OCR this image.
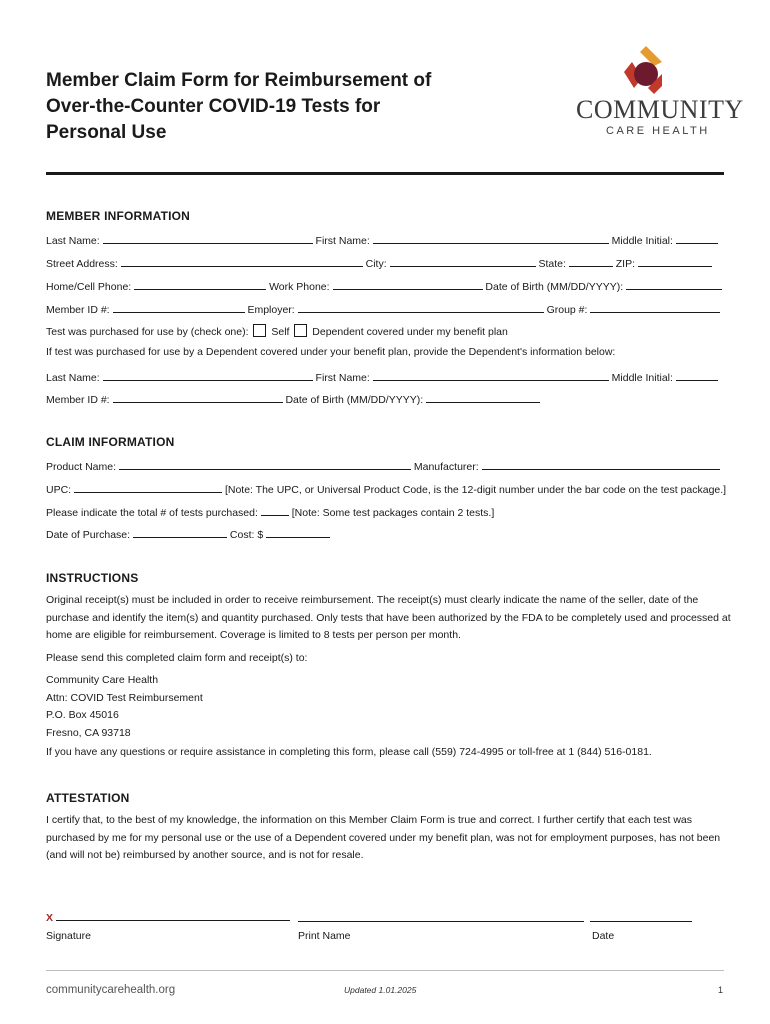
Member Claim Form for Reimbursement of
Over-the-Counter COVID-19 Tests for
Personal Use
COMMUNITY
CARE HEALTH
MEMBER INFORMATION
Last Name:	First Name:	Middle Initial:
Street Address:	City:	State:	ZIP:
Home/Cell Phone:	Work Phone:	Date of Birth (MM/DD/YYYY):
Member ID #:	Employer:	Group #:
Test was purchased for use by (check one): Self Dependent covered under my benefit plan
If test was purchased for use by a Dependent covered under your benefit plan, provide the Dependent's information below:
Last Name:	First Name:	Middle Initial:
Member ID #:	Date of Birth (MM/DD/YYYY):
CLAIM INFORMATION
Product Name:	Manufacturer:
UPC:	[Note: The UPC, or Universal Product Code, is the 12-digit number under the bar code on the test package.]
Please indicate the total # of tests purchased:	[Note: Some test packages contain 2 tests.]
Date of Purchase:	Cost: $
INSTRUCTIONS
Original receipt(s) must be included in order to receive reimbursement. The receipt(s) must clearly indicate the name of the seller, date of the
purchase and identify the item(s) and quantity purchased. Only tests that have been authorized by the FDA to be completely used and processed at
home are eligible for reimbursement. Coverage is limited to 8 tests per person per month.
Please send this completed claim form and receipt(s) to:
Community Care Health
Attn: COVID Test Reimbursement
P.O. Box 45016
Fresno, CA 93718
If you have any questions or require assistance in completing this form, please call (559) 724-4995 or toll-free at 1 (844) 516-0181.
ATTESTATION
I certify that, to the best of my knowledge, the information on this Member Claim Form is true and correct. I further certify that each test was
purchased by me for my personal use or the use of a Dependent covered under my benefit plan, was not for employment purposes, has not been
(and will not be) reimbursed by another source, and is not for resale.
X
Signature	Print Name	Date
communitycarehealth.org	Updated 1.01.2025	1
